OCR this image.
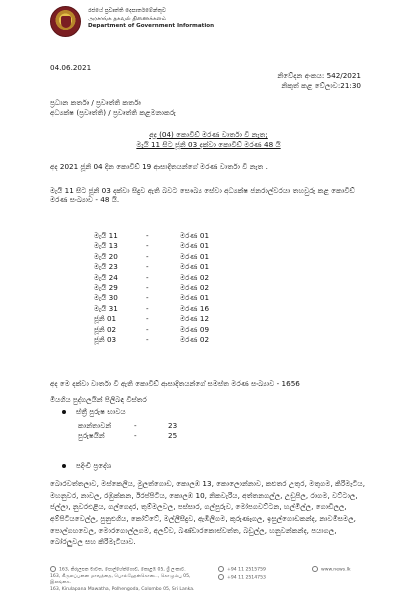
රජයේ ප්‍රවෘත්ති දෙපාර්තමේන්තුව
அரசாங்க தகவல் திணைக்களம்
Department of Government Information
04.06.2021
නිවේදන අංකය: 542/2021
නිකුත් කළ වේලාව:21:30
ප්‍රධාන කර්තෘ / ප්‍රවෘත්ති කර්තෘ
අධ්‍යක්ෂ (ප්‍රවෘත්ති) / ප්‍රවෘත්ති කළමනාකරු
අද (04) කොවිඩ් මරණ වාර්තා වී නැත;
මැයි 11 සිට ජූනි 03 දක්වා කොවිඩ් මරණ 48 යි
අද 2021 ජූනි 04 දින කොවිඩ් 19 ආසාදිතයන්ගේ මරණ වාර්තා වී නැත .
මැයි 11 සිට ජූනි 03 දක්වා සිදුව ඇති බවට සෞඛ්‍ය සේවා අධ්‍යක්ෂ ජනරාල්වරයා තහවුරු කළ කොවිඩ් මරණ සංඛ්‍යාව - 48 යි.
මැයි 11	-	මරණ 01
මැයි 13	-	මරණ 01
මැයි 20	-	මරණ 01
මැයි 23	-	මරණ 01
මැයි 24	-	මරණ 02
මැයි 29	-	මරණ 02
මැයි 30	-	මරණ 01
මැයි 31	-	මරණ 16
ජූනි 01	-	මරණ 12
ජූනි 02	-	මරණ 09
ජූනි 03	-	මරණ 02
අද මෙ දක්වා වාර්තා වී ඇති කොවිඩ් ආසාදිතයන්ගේ සමස්ත මරණ සංඛ්‍යාව - 1656
මියගිය පුද්ගලයින් පිලිබඳ විස්තර
ස්ත්‍රී පුරුෂ භාවය
කාන්තාවන්	-	23
පුරුෂයින්	-	25
පදිංචි ප්‍රදේශ
බොරවත්තලාව, මස්කෙලිය, මුලත්ගොඩ, කොලඹ 13, කොලොන්නාව, කළුතර උතුර, මතුගම, කිරිමැටිය, මහනුවර, නාවල, රඹුක්කන, ඊරප්පිටිය, කොලඹ 10, නිකවැරිය, අත්තනගල්ල, උඩුපිල, රාගම, වට්ටාල, ජල්ලා, නුවරඑළිය, ගල්ගෙදර, තුම්මලවල, පස්සාර, ගල්පුරුව, මෝපගවට්ටන, හල්මිල්ල, ගොඩිලල, අම්පිටියවෙල්ල, පුනුළුගිය, කෝට්ටේ, මල්ලීසීදුව, ඇඹිලිගම, කුරුණෑගල, ඉසුල්ගොඩකන්ද, නාවමිසමල, පොල්ගහවෙල, මොරගොල්ලගම, අලව්ව, බණ්ඩාරකොස්වත්ත, බඩුල්ල, හනුවන්කන්ද, පයාගල, බෝරලුවල සහ කිරිමැටියාව.
163, කිරුලපන මාවත, පොල්හේන්ගොඩ, කොළඹ 05, ශ්‍රී ලංකාව.
163, கிருலப்பனை மாவத்தை, பொல்ஹேன்கொடை, கொழும்பு 05, இலங்கை.
163, Kirulapana Mawatha, Polhengoda, Colombo 05, Sri Lanka.
+94 11 2515759
+94 11 2514753
www.news.lk
